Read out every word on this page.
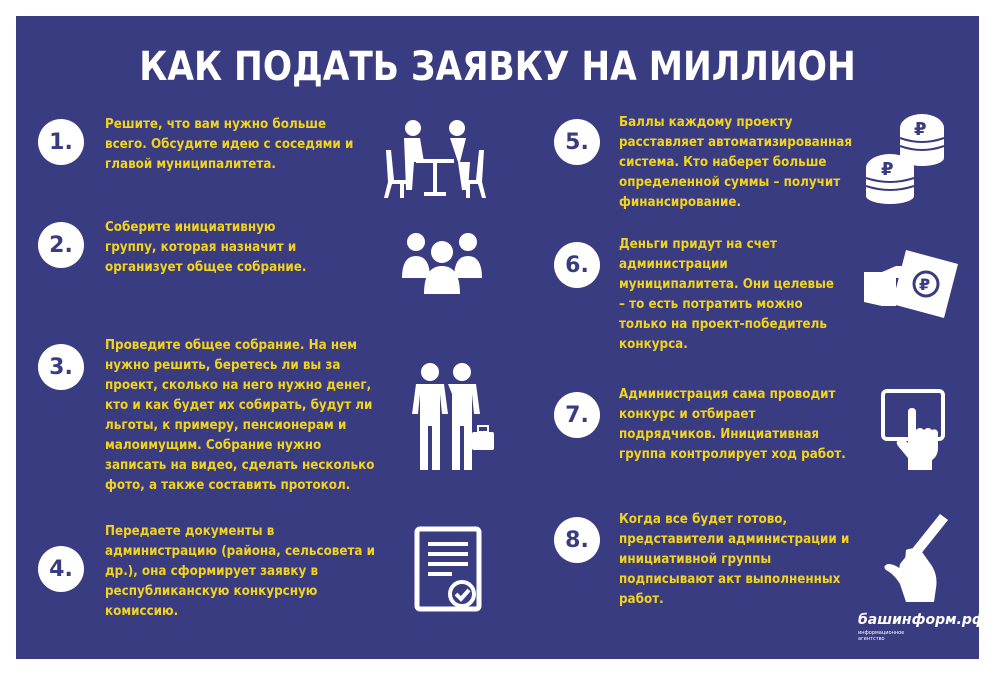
КАК ПОДАТЬ ЗАЯВКУ НА МИЛЛИОН
1.
Решите, что вам нужно больше
всего. Обсудите идею с соседями и
главой муниципалитета.
2.
Соберите инициативную
группу, которая назначит и
организует общее собрание.
3.
Проведите общее собрание. На нем
нужно решить, беретесь ли вы за
проект, сколько на него нужно денег,
кто и как будет их собирать, будут ли
льготы, к примеру, пенсионерам и
малоимущим. Собрание нужно
записать на видео, сделать несколько
фото, а также составить протокол.
4.
Передаете документы в
администрацию (района, сельсовета и
др.), она сформирует заявку в
республиканскую конкурсную
комиссию.
5.
Баллы каждому проекту
расставляет автоматизированная
система. Кто наберет больше
определенной суммы – получит
финансирование.
₽
₽
6.
Деньги придут на счет
администрации
муниципалитета. Они целевые
– то есть потратить можно
только на проект-победитель
конкурса.
₽
7.
Администрация сама проводит
конкурс и отбирает
подрядчиков. Инициативная
группа контролирует ход работ.
8.
Когда все будет готово,
представители администрации и
инициативной группы
подписывают акт выполненных
работ.
башинформ.рф
информационное агентство
